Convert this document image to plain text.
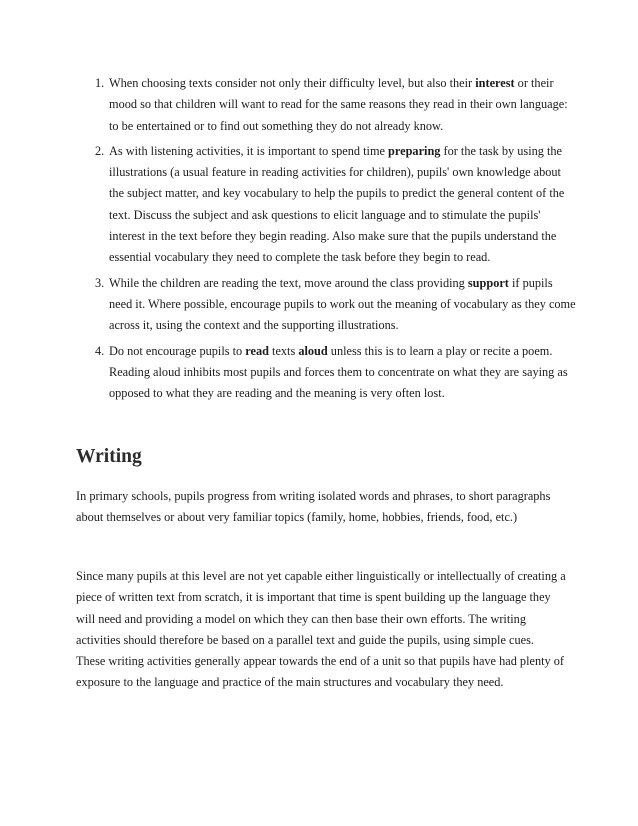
1. When choosing texts consider not only their difficulty level, but also their interest or their mood so that children will want to read for the same reasons they read in their own language: to be entertained or to find out something they do not already know.
2. As with listening activities, it is important to spend time preparing for the task by using the illustrations (a usual feature in reading activities for children), pupils' own knowledge about the subject matter, and key vocabulary to help the pupils to predict the general content of the text. Discuss the subject and ask questions to elicit language and to stimulate the pupils' interest in the text before they begin reading. Also make sure that the pupils understand the essential vocabulary they need to complete the task before they begin to read.
3. While the children are reading the text, move around the class providing support if pupils need it. Where possible, encourage pupils to work out the meaning of vocabulary as they come across it, using the context and the supporting illustrations.
4. Do not encourage pupils to read texts aloud unless this is to learn a play or recite a poem. Reading aloud inhibits most pupils and forces them to concentrate on what they are saying as opposed to what they are reading and the meaning is very often lost.
Writing

In primary schools, pupils progress from writing isolated words and phrases, to short paragraphs about themselves or about very familiar topics (family, home, hobbies, friends, food, etc.)

Since many pupils at this level are not yet capable either linguistically or intellectually of creating a piece of written text from scratch, it is important that time is spent building up the language they will need and providing a model on which they can then base their own efforts. The writing activities should therefore be based on a parallel text and guide the pupils, using simple cues. These writing activities generally appear towards the end of a unit so that pupils have had plenty of exposure to the language and practice of the main structures and vocabulary they need.
